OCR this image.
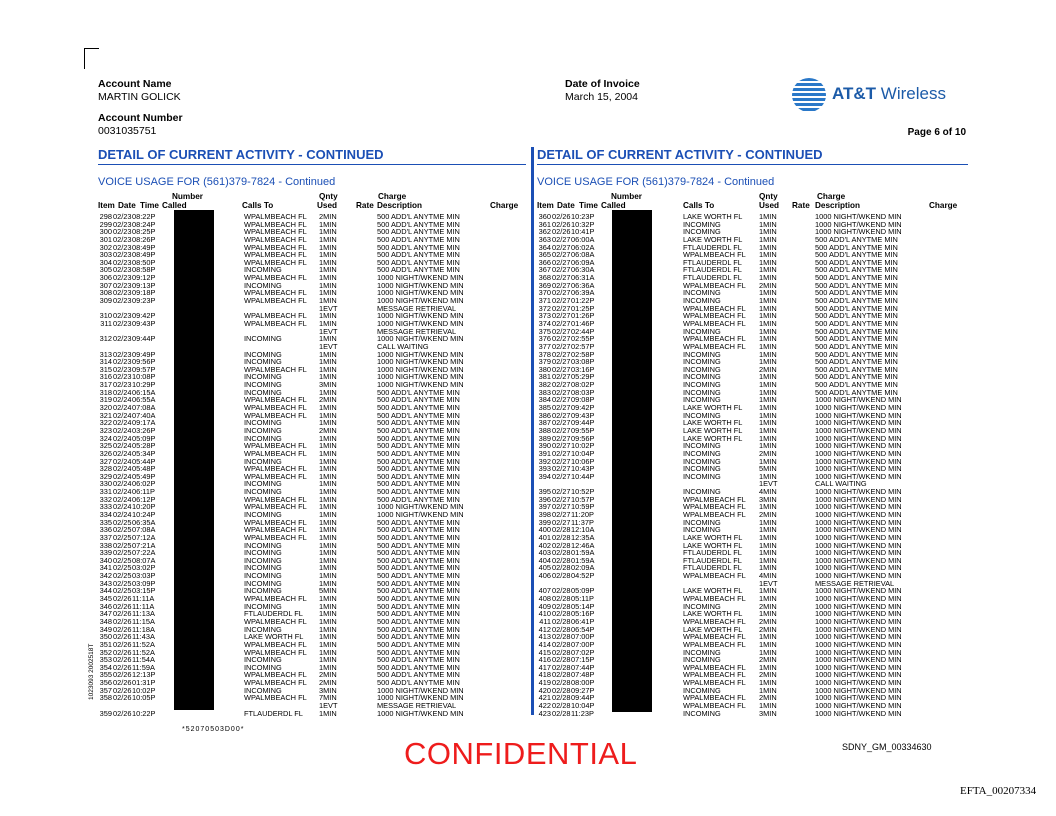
Account Name
MARTIN GOLICK
Account Number
0031035751
Date of Invoice
March 15, 2004	AT&T Wireless
Page 6 of 10
DETAIL OF CURRENT ACTIVITY - CONTINUED
VOICE USAGE FOR (561)379-7824 - Continued
DETAIL OF CURRENT ACTIVITY - CONTINUED
VOICE USAGE FOR (561)379-7824 - Continued
Number	Qnty	Charge
Item Date Time Called	Calls To	Used Rate Description	Charge
Number	Qnty	Charge
Item Date Time Called	Calls To	Used Rate Description	Charge
298 02/23 08:22P	WPALMBEACH FL 2MIN	500 ADD'L ANYTME MIN
299 02/23 08:24P	WPALMBEACH FL 1MIN	500 ADD'L ANYTME MIN
300 02/23 08:25P	WPALMBEACH FL 1MIN	500 ADD'L ANYTME MIN
301 02/23 08:26P	WPALMBEACH FL 1MIN	500 ADD'L ANYTME MIN
302 02/23 08:49P	WPALMBEACH FL 1MIN	500 ADD'L ANYTME MIN
303 02/23 08:49P	WPALMBEACH FL 1MIN	500 ADD'L ANYTME MIN
304 02/23 08:50P	WPALMBEACH FL 1MIN	500 ADD'L ANYTME MIN
305 02/23 08:58P	INCOMING	1MIN	500 ADD'L ANYTME MIN
306 02/23 09:12P	WPALMBEACH FL 1MIN	1000 NIGHT/WKEND MIN
307 02/23 09:13P	INCOMING	1MIN	1000 NIGHT/WKEND MIN
308 02/23 09:18P	WPALMBEACH FL 1MIN	1000 NIGHT/WKEND MIN
309 02/23 09:23P	WPALMBEACH FL 1MIN	1000 NIGHT/WKEND MIN
1EVT	MESSAGE RETRIEVAL
310 02/23 09:42P	WPALMBEACH FL 1MIN	1000 NIGHT/WKEND MIN
311 02/23 09:43P	WPALMBEACH FL 1MIN	1000 NIGHT/WKEND MIN
1EVT	MESSAGE RETRIEVAL
312 02/23 09:44P	INCOMING	1MIN	1000 NIGHT/WKEND MIN
1EVT	CALL WAITING
313 02/23 09:49P	INCOMING	1MIN	1000 NIGHT/WKEND MIN
314 02/23 09:56P	INCOMING	1MIN	1000 NIGHT/WKEND MIN
315 02/23 09:57P	WPALMBEACH FL 1MIN	1000 NIGHT/WKEND MIN
316 02/23 10:08P	INCOMING	1MIN	1000 NIGHT/WKEND MIN
317 02/23 10:29P	INCOMING	3MIN	1000 NIGHT/WKEND MIN
318 02/24 06:15A	INCOMING	1MIN	500 ADD'L ANYTME MIN
319 02/24 06:55A	WPALMBEACH FL 2MIN	500 ADD'L ANYTME MIN
320 02/24 07:08A	WPALMBEACH FL 1MIN	500 ADD'L ANYTME MIN
321 02/24 07:40A	WPALMBEACH FL 1MIN	500 ADD'L ANYTME MIN
322 02/24 09:17A	INCOMING	1MIN	500 ADD'L ANYTME MIN
323 02/24 03:26P	INCOMING	2MIN	500 ADD'L ANYTME MIN
324 02/24 05:09P	INCOMING	1MIN	500 ADD'L ANYTME MIN
325 02/24 05:28P	WPALMBEACH FL 1MIN	500 ADD'L ANYTME MIN
326 02/24 05:34P	WPALMBEACH FL 1MIN	500 ADD'L ANYTME MIN
327 02/24 05:44P	INCOMING	1MIN	500 ADD'L ANYTME MIN
328 02/24 05:48P	WPALMBEACH FL 1MIN	500 ADD'L ANYTME MIN
329 02/24 05:49P	WPALMBEACH FL 1MIN	500 ADD'L ANYTME MIN
330 02/24 06:02P	INCOMING	1MIN	500 ADD'L ANYTME MIN
331 02/24 06:11P	INCOMING	1MIN	500 ADD'L ANYTME MIN
332 02/24 06:12P	WPALMBEACH FL 1MIN	500 ADD'L ANYTME MIN
333 02/24 10:20P	WPALMBEACH FL 1MIN	1000 NIGHT/WKEND MIN
334 02/24 10:24P	INCOMING	1MIN	1000 NIGHT/WKEND MIN
335 02/25 06:35A	WPALMBEACH FL 1MIN	500 ADD'L ANYTME MIN
336 02/25 07:08A	WPALMBEACH FL 1MIN	500 ADD'L ANYTME MIN
337 02/25 07:12A	WPALMBEACH FL 1MIN	500 ADD'L ANYTME MIN
338 02/25 07:21A	INCOMING	1MIN	500 ADD'L ANYTME MIN
339 02/25 07:22A	INCOMING	1MIN	500 ADD'L ANYTME MIN
340 02/25 08:07A	INCOMING	1MIN	500 ADD'L ANYTME MIN
341 02/25 03:02P	INCOMING	1MIN	500 ADD'L ANYTME MIN
342 02/25 03:03P	INCOMING	1MIN	500 ADD'L ANYTME MIN
343 02/25 03:09P	INCOMING	1MIN	500 ADD'L ANYTME MIN
344 02/25 03:15P	INCOMING	5MIN	500 ADD'L ANYTME MIN
345 02/26 11:11A	WPALMBEACH FL 1MIN	500 ADD'L ANYTME MIN
346 02/26 11:11A	INCOMING	1MIN	500 ADD'L ANYTME MIN
347 02/26 11:13A	FTLAUDERDL FL 1MIN	500 ADD'L ANYTME MIN
348 02/26 11:15A	WPALMBEACH FL 1MIN	500 ADD'L ANYTME MIN
349 02/26 11:18A	INCOMING	1MIN	500 ADD'L ANYTME MIN
350 02/26 11:43A	LAKE WORTH FL 1MIN	500 ADD'L ANYTME MIN
351 02/26 11:52A	WPALMBEACH FL 1MIN	500 ADD'L ANYTME MIN
352 02/26 11:52A	WPALMBEACH FL 1MIN	500 ADD'L ANYTME MIN
353 02/26 11:54A	INCOMING	1MIN	500 ADD'L ANYTME MIN
354 02/26 11:59A	INCOMING	1MIN	500 ADD'L ANYTME MIN
355 02/26 12:13P	WPALMBEACH FL 2MIN	500 ADD'L ANYTME MIN
356 02/26 01:31P	WPALMBEACH FL 2MIN	500 ADD'L ANYTME MIN
357 02/26 10:02P	INCOMING	3MIN	1000 NIGHT/WKEND MIN
358 02/26 10:05P	WPALMBEACH FL 7MIN	1000 NIGHT/WKEND MIN
1EVT	MESSAGE RETRIEVAL
359 02/26 10:22P	FTLAUDERDL FL 1MIN	1000 NIGHT/WKEND MIN
360 02/26 10:23P	LAKE WORTH FL 1MIN	1000 NIGHT/WKEND MIN
361 02/26 10:32P	INCOMING	1MIN	1000 NIGHT/WKEND MIN
362 02/26 10:41P	INCOMING	1MIN	1000 NIGHT/WKEND MIN
363 02/27 06:00A	LAKE WORTH FL 1MIN	500 ADD'L ANYTME MIN
364 02/27 06:02A	FTLAUDERDL FL 1MIN	500 ADD'L ANYTME MIN
365 02/27 06:08A	WPALMBEACH FL 1MIN	500 ADD'L ANYTME MIN
366 02/27 06:09A	FTLAUDERDL FL 1MIN	500 ADD'L ANYTME MIN
367 02/27 06:30A	FTLAUDERDL FL 1MIN	500 ADD'L ANYTME MIN
368 02/27 06:31A	FTLAUDERDL FL 1MIN	500 ADD'L ANYTME MIN
369 02/27 06:36A	WPALMBEACH FL 2MIN	500 ADD'L ANYTME MIN
370 02/27 06:39A	INCOMING	1MIN	500 ADD'L ANYTME MIN
371 02/27 01:22P	INCOMING	1MIN	500 ADD'L ANYTME MIN
372 02/27 01:25P	WPALMBEACH FL 1MIN	500 ADD'L ANYTME MIN
373 02/27 01:26P	WPALMBEACH FL 1MIN	500 ADD'L ANYTME MIN
374 02/27 01:46P	WPALMBEACH FL 1MIN	500 ADD'L ANYTME MIN
375 02/27 02:44P	INCOMING	1MIN	500 ADD'L ANYTME MIN
376 02/27 02:55P	WPALMBEACH FL 1MIN	500 ADD'L ANYTME MIN
377 02/27 02:57P	WPALMBEACH FL 1MIN	500 ADD'L ANYTME MIN
378 02/27 02:58P	INCOMING	1MIN	500 ADD'L ANYTME MIN
379 02/27 03:08P	INCOMING	1MIN	500 ADD'L ANYTME MIN
380 02/27 03:16P	INCOMING	2MIN	500 ADD'L ANYTME MIN
381 02/27 05:29P	INCOMING	1MIN	500 ADD'L ANYTME MIN
382 02/27 08:02P	INCOMING	1MIN	500 ADD'L ANYTME MIN
383 02/27 08:03P	INCOMING	1MIN	500 ADD'L ANYTME MIN
384 02/27 09:08P	INCOMING	1MIN	1000 NIGHT/WKEND MIN
385 02/27 09:42P	LAKE WORTH FL 1MIN	1000 NIGHT/WKEND MIN
386 02/27 09:43P	INCOMING	1MIN	1000 NIGHT/WKEND MIN
387 02/27 09:44P	LAKE WORTH FL 1MIN	1000 NIGHT/WKEND MIN
388 02/27 09:55P	LAKE WORTH FL 1MIN	1000 NIGHT/WKEND MIN
389 02/27 09:56P	LAKE WORTH FL 1MIN	1000 NIGHT/WKEND MIN
390 02/27 10:02P	INCOMING	1MIN	1000 NIGHT/WKEND MIN
391 02/27 10:04P	INCOMING	2MIN	1000 NIGHT/WKEND MIN
392 02/27 10:06P	INCOMING	1MIN	1000 NIGHT/WKEND MIN
393 02/27 10:43P	INCOMING	5MIN	1000 NIGHT/WKEND MIN
394 02/27 10:44P	INCOMING	1MIN	1000 NIGHT/WKEND MIN
1EVT	CALL WAITING
395 02/27 10:52P	INCOMING	4MIN	1000 NIGHT/WKEND MIN
396 02/27 10:57P	WPALMBEACH FL 3MIN	1000 NIGHT/WKEND MIN
397 02/27 10:59P	WPALMBEACH FL 1MIN	1000 NIGHT/WKEND MIN
398 02/27 11:20P	WPALMBEACH FL 2MIN	1000 NIGHT/WKEND MIN
399 02/27 11:37P	INCOMING	1MIN	1000 NIGHT/WKEND MIN
400 02/28 12:10A	INCOMING	1MIN	1000 NIGHT/WKEND MIN
401 02/28 12:35A	LAKE WORTH FL 1MIN	1000 NIGHT/WKEND MIN
402 02/28 12:46A	LAKE WORTH FL 1MIN	1000 NIGHT/WKEND MIN
403 02/28 01:59A	FTLAUDERDL FL 1MIN	1000 NIGHT/WKEND MIN
404 02/28 01:59A	FTLAUDERDL FL 1MIN	1000 NIGHT/WKEND MIN
405 02/28 02:09A	FTLAUDERDL FL 1MIN	1000 NIGHT/WKEND MIN
406 02/28 04:52P	WPALMBEACH FL 4MIN	1000 NIGHT/WKEND MIN
1EVT	MESSAGE RETRIEVAL
407 02/28 05:09P	LAKE WORTH FL 1MIN	1000 NIGHT/WKEND MIN
408 02/28 05:11P	WPALMBEACH FL 1MIN	1000 NIGHT/WKEND MIN
409 02/28 05:14P	INCOMING	2MIN	1000 NIGHT/WKEND MIN
410 02/28 05:16P	LAKE WORTH FL 1MIN	1000 NIGHT/WKEND MIN
411 02/28 06:41P	WPALMBEACH FL 2MIN	1000 NIGHT/WKEND MIN
412 02/28 06:54P	LAKE WORTH FL 2MIN	1000 NIGHT/WKEND MIN
413 02/28 07:00P	WPALMBEACH FL 1MIN	1000 NIGHT/WKEND MIN
414 02/28 07:00P	WPALMBEACH FL 1MIN	1000 NIGHT/WKEND MIN
415 02/28 07:02P	INCOMING	1MIN	1000 NIGHT/WKEND MIN
416 02/28 07:15P	INCOMING	2MIN	1000 NIGHT/WKEND MIN
417 02/28 07:44P	WPALMBEACH FL 1MIN	1000 NIGHT/WKEND MIN
418 02/28 07:48P	WPALMBEACH FL 2MIN	1000 NIGHT/WKEND MIN
419 02/28 08:00P	WPALMBEACH FL 1MIN	1000 NIGHT/WKEND MIN
420 02/28 09:27P	INCOMING	1MIN	1000 NIGHT/WKEND MIN
421 02/28 09:44P	WPALMBEACH FL 2MIN	1000 NIGHT/WKEND MIN
422 02/28 10:04P	WPALMBEACH FL 1MIN	1000 NIGHT/WKEND MIN
423 02/28 11:23P	INCOMING	3MIN	1000 NIGHT/WKEND MIN
1023093 2002518T
*52070503D00*
CONFIDENTIAL	SDNY_GM_00334630
EFTA_00207334
